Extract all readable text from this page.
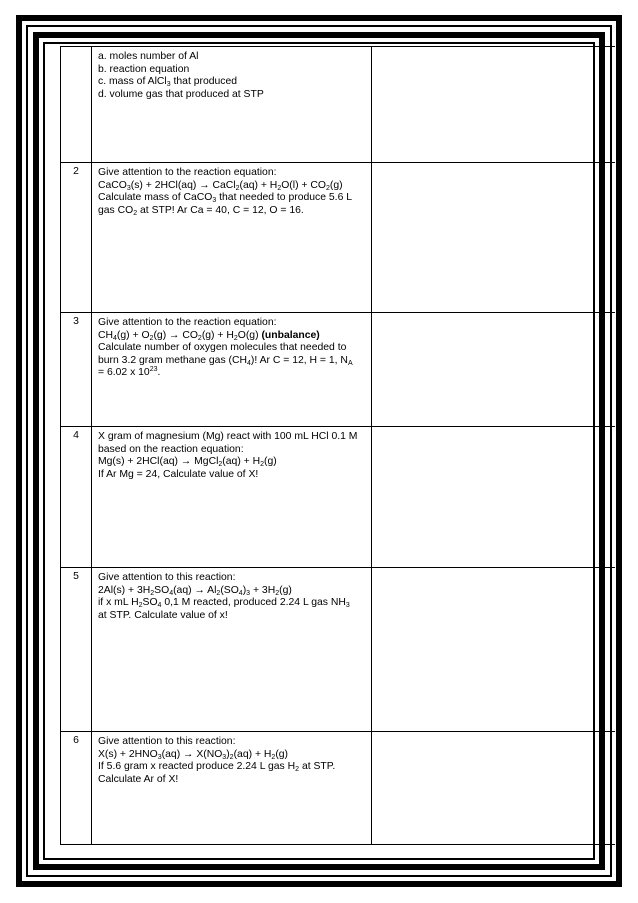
	a. moles number of Al
b. reaction equation
c. mass of AlCl$_3$ that produced
d. volume gas that produced at STP	

2	Give attention to the reaction equation:
CaCO$_3$(s) + 2HCl(aq) → CaCl$_2$(aq) + $H_2O(l) + CO_2(g)$
Calculate mass of CaCO$_3$ that needed to produce 5.6 L
gas $CO_2$ at STP! Ar Ca = 40, C = 12, O = 16.	

3	Give attention to the reaction equation:
$CH_4(g) + O_2(g) \to CO_2(g) + H_2O(g)$ (unbalance)
Calculate number of oxygen molecules that needed to
burn 3.2 gram methane gas $(CH_4)$! Ar C = 12, H = 1, $N_A$
= 6.02 x $10^{23}$.	

4	X gram of magnesium (Mg) react with 100 mL HCl 0.1 M
based on the reaction equation:
Mg(s) + 2HCl(aq) → MgCl$_2$(aq) + $H_2(g)$
If Ar Mg = 24, Calculate value of X!	

5	Give attention to this reaction:
$2Al(s) + 3H_2SO_4(aq) \to Al_2(SO_4)_3 + 3H_2(g)$
if x mL $H_2SO_4$ 0,1 M reacted, produced 2.24 L gas $NH_3$
at STP. Calculate value of x!	

6	Give attention to this reaction:
$X(s) + 2HNO_3(aq) \to X(NO_3)_2(aq) + H_2(g)$
If 5.6 gram x reacted produce 2.24 L gas $H_2$ at STP.
Calculate Ar of X!	
